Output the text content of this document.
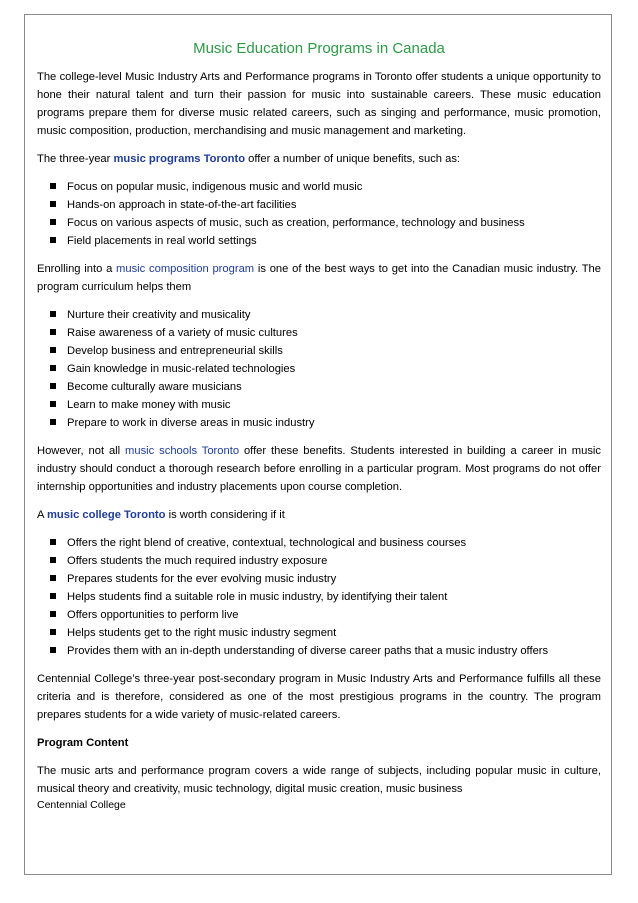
Music Education Programs in Canada

The college-level Music Industry Arts and Performance programs in Toronto offer students a unique opportunity to hone their natural talent and turn their passion for music into sustainable careers. These music education programs prepare them for diverse music related careers, such as singing and performance, music promotion, music composition, production, merchandising and music management and marketing.

The three-year music programs Toronto offer a number of unique benefits, such as:

Focus on popular music, indigenous music and world music
Hands-on approach in state-of-the-art facilities
Focus on various aspects of music, such as creation, performance, technology and business
Field placements in real world settings

Enrolling into a music composition program is one of the best ways to get into the Canadian music industry. The program curriculum helps them

Nurture their creativity and musicality
Raise awareness of a variety of music cultures
Develop business and entrepreneurial skills
Gain knowledge in music-related technologies
Become culturally aware musicians
Learn to make money with music
Prepare to work in diverse areas in music industry

However, not all music schools Toronto offer these benefits. Students interested in building a career in music industry should conduct a thorough research before enrolling in a particular program. Most programs do not offer internship opportunities and industry placements upon course completion.

A music college Toronto is worth considering if it

Offers the right blend of creative, contextual, technological and business courses
Offers students the much required industry exposure
Prepares students for the ever evolving music industry
Helps students find a suitable role in music industry, by identifying their talent
Offers opportunities to perform live
Helps students get to the right music industry segment
Provides them with an in-depth understanding of diverse career paths that a music industry offers

Centennial College’s three-year post-secondary program in Music Industry Arts and Performance fulfills all these criteria and is therefore, considered as one of the most prestigious programs in the country. The program prepares students for a wide variety of music-related careers.

Program Content

The music arts and performance program covers a wide range of subjects, including popular music in culture, musical theory and creativity, music technology, digital music creation, music business

Centennial College
